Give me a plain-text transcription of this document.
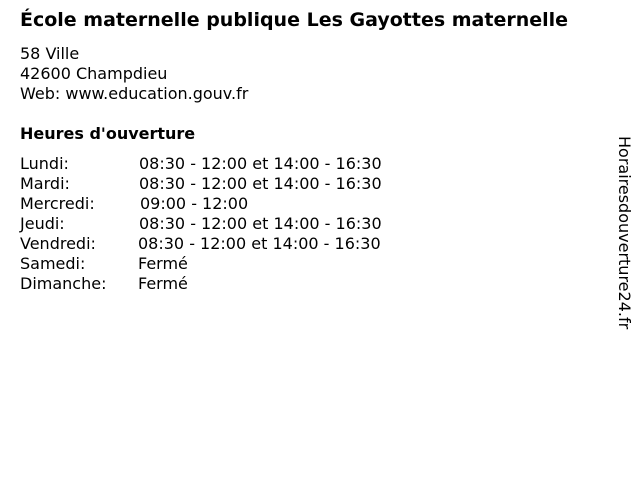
École maternelle publique Les Gayottes maternelle
58 Ville
42600 Champdieu
Web: www.education.gouv.fr
Heures d'ouverture
Lundi:	08:30 - 12:00 et 14:00 - 16:30
Mardi:	08:30 - 12:00 et 14:00 - 16:30
Mercredi:	09:00 - 12:00
Jeudi:	08:30 - 12:00 et 14:00 - 16:30
Vendredi:	08:30 - 12:00 et 14:00 - 16:30
Samedi:	Fermé
Dimanche: Fermé	Horairesdouverture24.fr
